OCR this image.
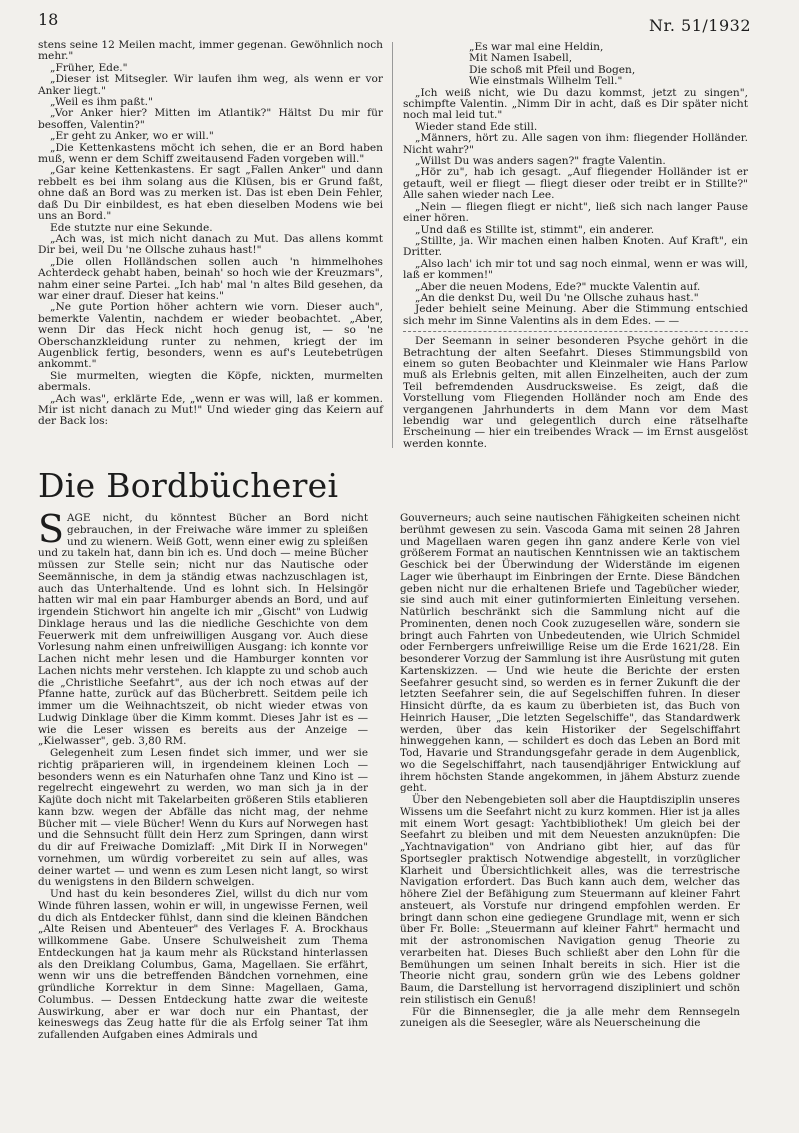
18	Nr. 51/1932

stens seine 12 Meilen macht, immer gegenan. Gewöhnlich noch mehr."

„Früher, Ede."

„Dieser ist Mitsegler. Wir laufen ihm weg, als wenn er vor Anker liegt."

„Weil es ihm paßt."

„Vor Anker hier? Mitten im Atlantik?" Hältst Du mir für besoffen, Valentin?"

„Er geht zu Anker, wo er will."

„Die Kettenkastens möcht ich sehen, die er an Bord haben muß, wenn er dem Schiff zweitausend Faden vorgeben will."

„Gar keine Kettenkastens. Er sagt „Fallen Anker" und dann rebbelt es bei ihm solang aus die Klüsen, bis er Grund faßt, ohne daß an Bord was zu merken ist. Das ist eben Dein Fehler, daß Du Dir einbildest, es hat eben dieselben Modens wie bei uns an Bord."

Ede stutzte nur eine Sekunde.

„Ach was, ist mich nicht danach zu Mut. Das allens kommt Dir bei, weil Du 'ne Ollsche zuhaus hast!"

„Die ollen Holländschen sollen auch 'n himmelhohes Achterdeck gehabt haben, beinah' so hoch wie der Kreuzmars", nahm einer seine Partei. „Ich hab' mal 'n altes Bild gesehen, da war einer drauf. Dieser hat keins."

„Ne gute Portion höher achtern wie vorn. Dieser auch", bemerkte Valentin, nachdem er wieder beobachtet. „Aber, wenn Dir das Heck nicht hoch genug ist, — so 'ne Oberschanzkleidung runter zu nehmen, kriegt der im Augenblick fertig, besonders, wenn es auf's Leutebetrügen ankommt."

Sie murmelten, wiegten die Köpfe, nickten, murmelten abermals.

„Ach was", erklärte Ede, „wenn er was will, laß er kommen. Mir ist nicht danach zu Mut!" Und wieder ging das Keiern auf der Back los:

„Es war mal eine Heldin,

Mit Namen Isabell,

Die schoß mit Pfeil und Bogen,

Wie einstmals Wilhelm Tell."

„Ich weiß nicht, wie Du dazu kommst, jetzt zu singen", schimpfte Valentin. „Nimm Dir in acht, daß es Dir später nicht noch mal leid tut."

Wieder stand Ede still.

„Männers, hört zu. Alle sagen von ihm: fliegender Holländer. Nicht wahr?"

„Willst Du was anders sagen?" fragte Valentin.

„Hör zu", hab ich gesagt. „Auf fliegender Holländer ist er getauft, weil er fliegt — fliegt dieser oder treibt er in Stillte?" Alle sahen wieder nach Lee.

„Nein — fliegen fliegt er nicht", ließ sich nach langer Pause einer hören.

„Und daß es Stillte ist, stimmt", ein anderer.

„Stillte, ja. Wir machen einen halben Knoten. Auf Kraft", ein Dritter.

„Also lach' ich mir tot und sag noch einmal, wenn er was will, laß er kommen!"

„Aber die neuen Modens, Ede?" muckte Valentin auf.

„An die denkst Du, weil Du 'ne Ollsche zuhaus hast."

Jeder behielt seine Meinung. Aber die Stimmung entschied sich mehr im Sinne Valentins als in dem Edes. — —

Der Seemann in seiner besonderen Psyche gehört in die Betrachtung der alten Seefahrt. Dieses Stimmungsbild von einem so guten Beobachter und Kleinmaler wie Hans Parlow muß als Erlebnis gelten, mit allen Einzelheiten, auch der zum Teil befremdenden Ausdrucksweise. Es zeigt, daß die Vorstellung vom Fliegenden Holländer noch am Ende des vergangenen Jahrhunderts in dem Mann vor dem Mast lebendig war und gelegentlich durch eine rätselhafte Erscheinung — hier ein treibendes Wrack — im Ernst ausgelöst werden konnte.

Die Bordbücherei

SAGE nicht, du könntest Bücher an Bord nicht gebrauchen, in der Freiwache wäre immer zu spleißen und zu wienern. Weiß Gott, wenn einer ewig zu spleißen und zu takeln hat, dann bin ich es. Und doch — meine Bücher müssen zur Stelle sein; nicht nur das Nautische oder Seemännische, in dem ja ständig etwas nachzuschlagen ist, auch das Unterhaltende. Und es lohnt sich. In Helsingör hatten wir mal ein paar Hamburger abends an Bord, und auf irgendein Stichwort hin angelte ich mir „Gischt" von Ludwig Dinklage heraus und las die niedliche Geschichte von dem Feuerwerk mit dem unfreiwilligen Ausgang vor. Auch diese Vorlesung nahm einen unfreiwilligen Ausgang: ich konnte vor Lachen nicht mehr lesen und die Hamburger konnten vor Lachen nichts mehr verstehen. Ich klappte zu und schob auch die „Christliche Seefahrt", aus der ich noch etwas auf der Pfanne hatte, zurück auf das Bücherbrett. Seitdem peile ich immer um die Weihnachtszeit, ob nicht wieder etwas von Ludwig Dinklage über die Kimm kommt. Dieses Jahr ist es — wie die Leser wissen es bereits aus der Anzeige — „Kielwasser", geb. 3,80 RM.

Gelegenheit zum Lesen findet sich immer, und wer sie richtig präparieren will, in irgendeinem kleinen Loch — besonders wenn es ein Naturhafen ohne Tanz und Kino ist — regelrecht eingewehrt zu werden, wo man sich ja in der Kajüte doch nicht mit Takelarbeiten größeren Stils etablieren kann bzw. wegen der Abfälle das nicht mag, der nehme Bücher mit — viele Bücher! Wenn du Kurs auf Norwegen hast und die Sehnsucht füllt dein Herz zum Springen, dann wirst du dir auf Freiwache Domizlaff: „Mit Dirk II in Norwegen" vornehmen, um würdig vorbereitet zu sein auf alles, was deiner wartet — und wenn es zum Lesen nicht langt, so wirst du wenigstens in den Bildern schwelgen.

Und hast du kein besonderes Ziel, willst du dich nur vom Winde führen lassen, wohin er will, in ungewisse Fernen, weil du dich als Entdecker fühlst, dann sind die kleinen Bändchen „Alte Reisen und Abenteuer" des Verlages F. A. Brockhaus willkommene Gabe. Unsere Schulweisheit zum Thema Entdeckungen hat ja kaum mehr als Rückstand hinterlassen als den Dreiklang Columbus, Gama, Magellaen. Sie erfährt, wenn wir uns die betreffenden Bändchen vornehmen, eine gründliche Korrektur in dem Sinne: Magellaen, Gama, Columbus. — Dessen Entdeckung hatte zwar die weiteste Auswirkung, aber er war doch nur ein Phantast, der keineswegs das Zeug hatte für die als Erfolg seiner Tat ihm zufallenden Aufgaben eines Admirals und

Gouverneurs; auch seine nautischen Fähigkeiten scheinen nicht berühmt gewesen zu sein. Vascoda Gama mit seinen 28 Jahren und Magellaen waren gegen ihn ganz andere Kerle von viel größerem Format an nautischen Kenntnissen wie an taktischem Geschick bei der Überwindung der Widerstände im eigenen Lager wie überhaupt im Einbringen der Ernte. Diese Bändchen geben nicht nur die erhaltenen Briefe und Tagebücher wieder, sie sind auch mit einer gutinformierten Einleitung versehen. Natürlich beschränkt sich die Sammlung nicht auf die Prominenten, denen noch Cook zuzugesellen wäre, sondern sie bringt auch Fahrten von Unbedeutenden, wie Ulrich Schmidel oder Fernbergers unfreiwillige Reise um die Erde 1621/28. Ein besonderer Vorzug der Sammlung ist ihre Ausrüstung mit guten Kartenskizzen. — Und wie heute die Berichte der ersten Seefahrer gesucht sind, so werden es in ferner Zukunft die der letzten Seefahrer sein, die auf Segelschiffen fuhren. In dieser Hinsicht dürfte, da es kaum zu überbieten ist, das Buch von Heinrich Hauser, „Die letzten Segelschiffe", das Standardwerk werden, über das kein Historiker der Segelschiffahrt hinweggehen kann, — schildert es doch das Leben an Bord mit Tod, Havarie und Strandungsgefahr gerade in dem Augenblick, wo die Segelschiffahrt, nach tausendjähriger Entwicklung auf ihrem höchsten Stande angekommen, in jähem Absturz zuende geht.

Über den Nebengebieten soll aber die Hauptdisziplin unseres Wissens um die Seefahrt nicht zu kurz kommen. Hier ist ja alles mit einem Wort gesagt: Yachtbibliothek! Um gleich bei der Seefahrt zu bleiben und mit dem Neuesten anzuknüpfen: Die „Yachtnavigation" von Andriano gibt hier, auf das für Sportsegler praktisch Notwendige abgestellt, in vorzüglicher Klarheit und Übersichtlichkeit alles, was die terrestrische Navigation erfordert. Das Buch kann auch dem, welcher das höhere Ziel der Befähigung zum Steuermann auf kleiner Fahrt ansteuert, als Vorstufe nur dringend empfohlen werden. Er bringt dann schon eine gediegene Grundlage mit, wenn er sich über Fr. Bolle: „Steuermann auf kleiner Fahrt" hermacht und mit der astronomischen Navigation genug Theorie zu verarbeiten hat. Dieses Buch schließt aber den Lohn für die Bemühungen um seinen Inhalt bereits in sich. Hier ist die Theorie nicht grau, sondern grün wie des Lebens goldner Baum, die Darstellung ist hervorragend diszipliniert und schön rein stilistisch ein Genuß!

Für die Binnensegler, die ja alle mehr dem Rennsegeln zuneigen als die Seesegler, wäre als Neuerscheinung die
